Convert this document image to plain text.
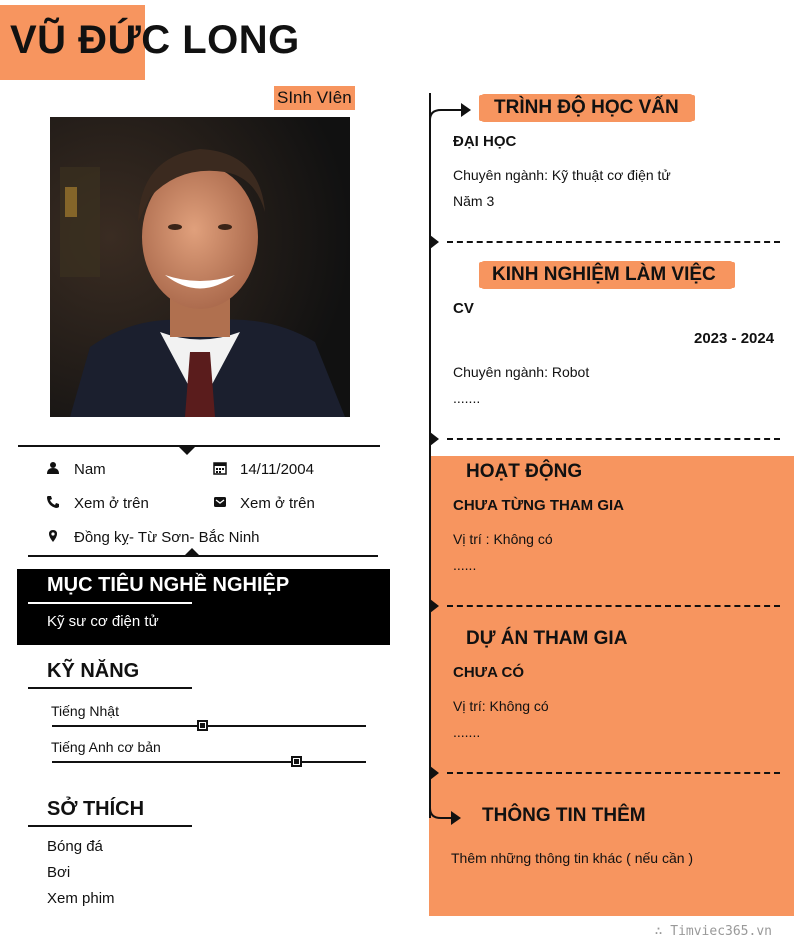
VŨ ĐỨC LONG
SInh VIên
Nam	14/11/2004
Xem ở trên	Xem ở trên
Đồng kỵ- Từ Sơn- Bắc Ninh
MỤC TIÊU NGHỀ NGHIỆP
Kỹ sư cơ điện tử
KỸ NĂNG
Tiếng Nhật
Tiếng Anh cơ bản
SỞ THÍCH
Bóng đá
Bơi
Xem phim
TRÌNH ĐỘ HỌC VẤN
ĐẠI HỌC
Chuyên ngành: Kỹ thuật cơ điện tử
Năm 3
KINH NGHIỆM LÀM VIỆC
CV
2023 - 2024
Chuyên ngành: Robot
.......
HOẠT ĐỘNG
CHƯA TỪNG THAM GIA
Vị trí : Không có
......
DỰ ÁN THAM GIA
CHƯA CÓ
Vị trí: Không có
.......
THÔNG TIN THÊM
Thêm những thông tin khác ( nếu cần )
∴ Timviec365.vn
